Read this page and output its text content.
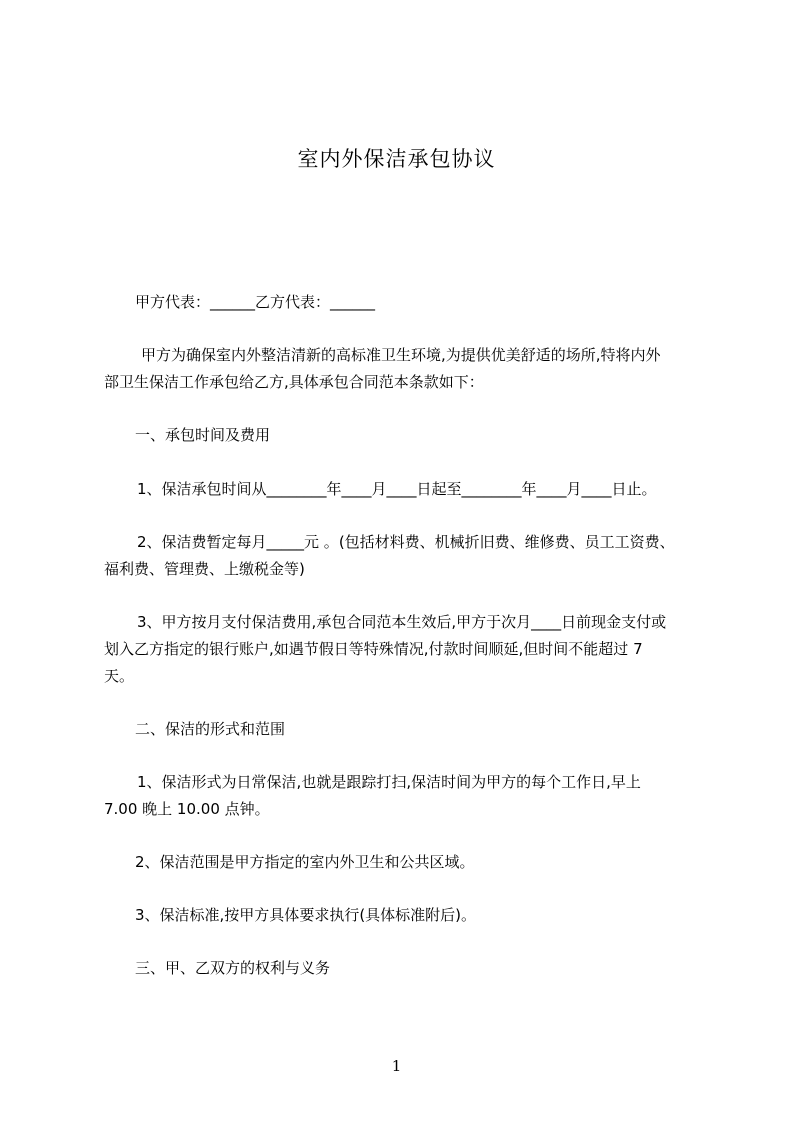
室内外保洁承包协议
甲方代表：______乙方代表：______
甲方为确保室内外整洁清新的高标准卫生环境,为提供优美舒适的场所,特将内外
部卫生保洁工作承包给乙方,具体承包合同范本条款如下：
一、承包时间及费用
1、保洁承包时间从________年____月____日起至________年____月____日止。
2、保洁费暂定每月_____元 。(包括材料费、机械折旧费、维修费、员工工资费、
福利费、管理费、上缴税金等)
3、甲方按月支付保洁费用,承包合同范本生效后,甲方于次月____日前现金支付或
划入乙方指定的银行账户,如遇节假日等特殊情况,付款时间顺延,但时间不能超过 7
天。
二、保洁的形式和范围
1、保洁形式为日常保洁,也就是跟踪打扫,保洁时间为甲方的每个工作日,早上
7.00 晚上 10.00 点钟。
2、保洁范围是甲方指定的室内外卫生和公共区域。
3、保洁标准,按甲方具体要求执行(具体标准附后)。
三、甲、乙双方的权利与义务
1
